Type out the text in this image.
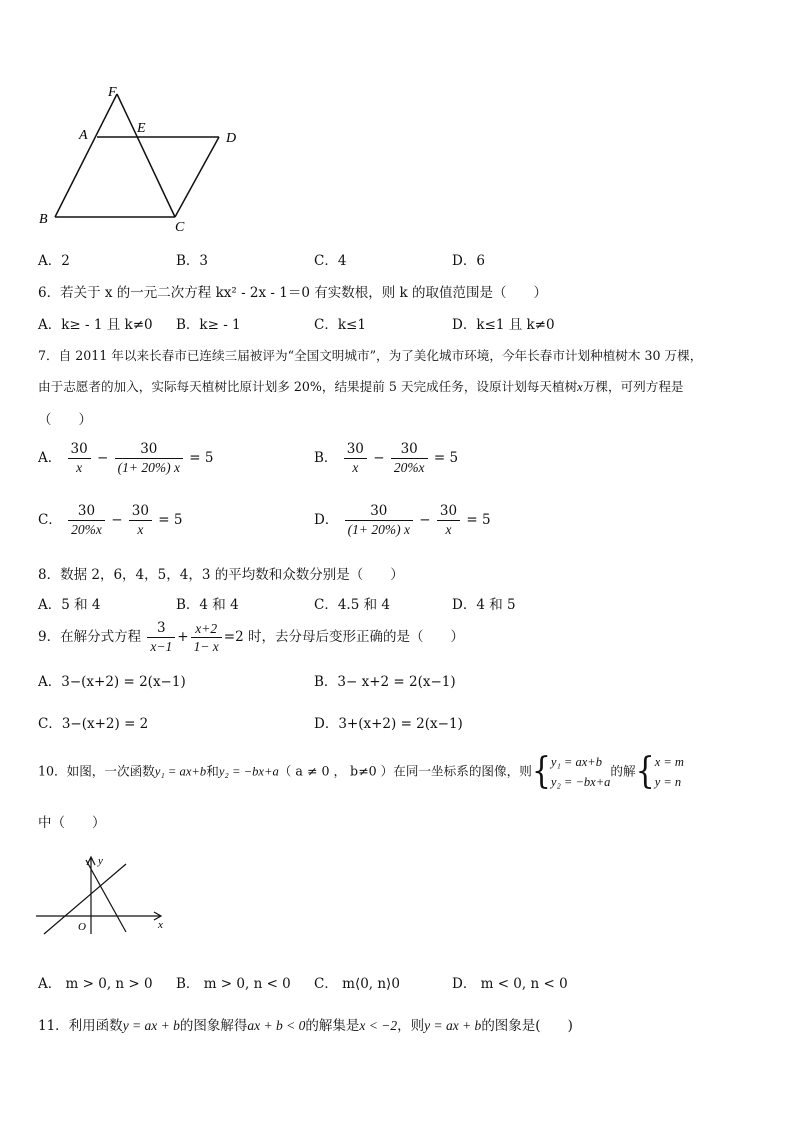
F
A	E
D
B
C
A．2	B．3	C．4	D．6
6．若关于 x 的一元二次方程 kx² - 2x - 1＝0 有实数根，则 k 的取值范围是（　　）
A．k≥ - 1 且 k≠0 B．k≥ - 1	C．k≤1	D．k≤1 且 k≠0
7．自 2011 年以来长春市已连续三届被评为“全国文明城市”，为了美化城市环境，今年长春市计划种植树木 30 万棵，
由于志愿者的加入，实际每天植树比原计划多 20%，结果提前 5 天完成任务，设原计划每天植树x万棵，可列方程是
（　　）
A． $\frac{30}{x} - \frac{30}{(1+ 20\%) x} = 5$	B． $\frac{30}{x} - \frac{30}{20\%x} = 5$
C． $\frac{30}{20\%x} - \frac{30}{x} = 5$	D． $\frac{30}{(1+ 20\%) x} - \frac{30}{x} = 5$
8．数据 2，6，4，5，4，3 的平均数和众数分别是（　　）
A．5 和 4	B．4 和 4	C．4.5 和 4	D．4 和 5
9．在解分式方程 $\frac{3}{x-1} + \frac{x+2}{1- x} =2$ 时，去分母后变形正确的是（　　）
A．3−(x+2) = 2(x−1)	B．3− x+2 = 2(x−1)
C．3−(x+2) = 2	D．3+(x+2) = 2(x−1)
10．如图，一次函数y₁ = ax+b和y₂ = −bx+a（ a ≠ 0 ， b≠0 ）在同一坐标系的图像，则{ y₁ = ax+b
y₂ = −bx+a
的解{ x = m
y = n
中（　　）
y
x
O
A． m > 0, n > 0 B． m > 0, n < 0 C． m⟨0, n⟩0	D． m < 0, n < 0
11．利用函数y = ax + b的图象解得ax + b < 0的解集是x < −2，则y = ax + b的图象是(　　)
